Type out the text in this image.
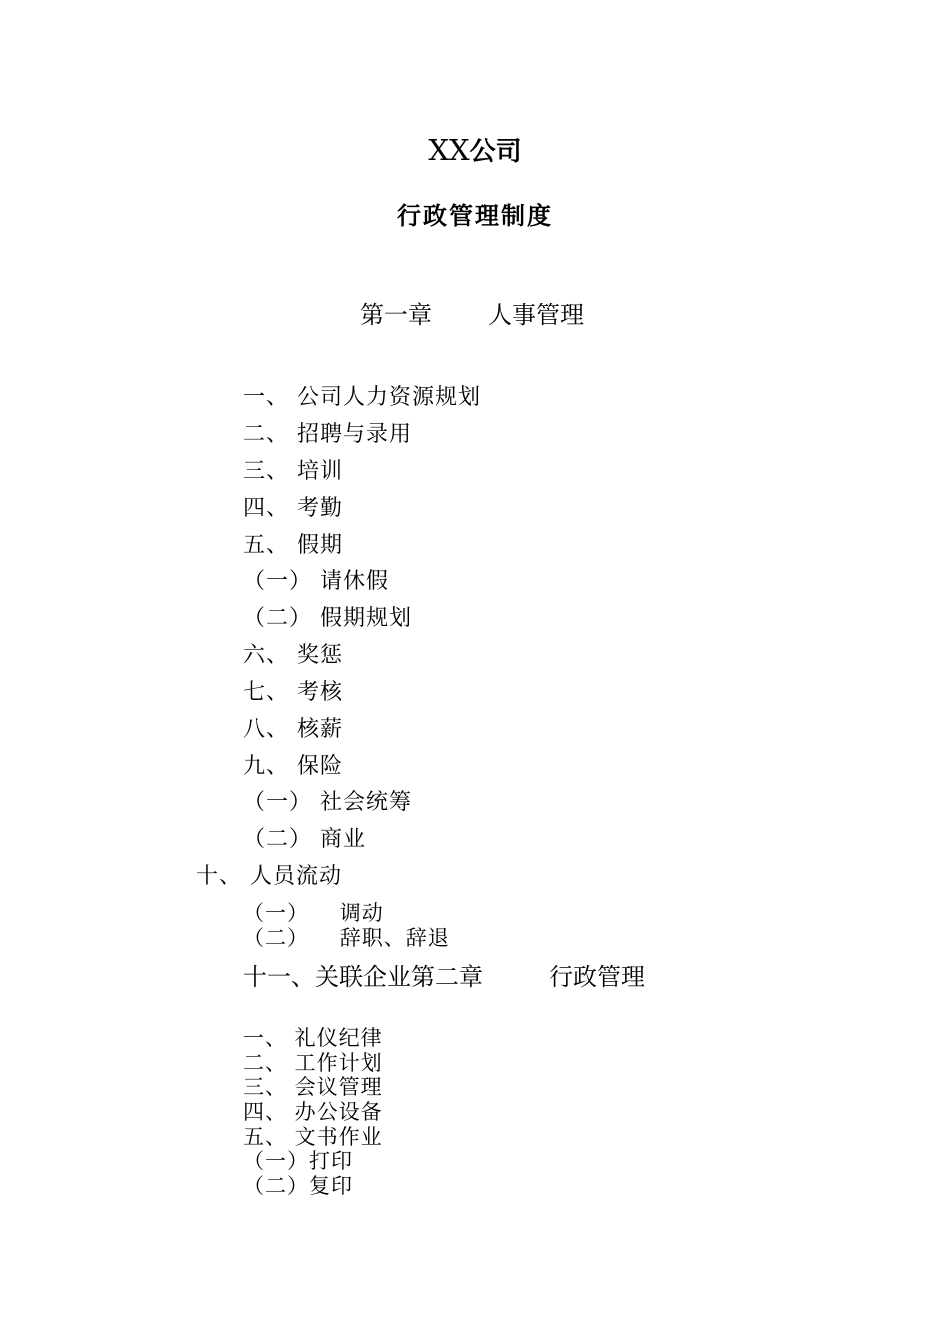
XX公司
行政管理制度
第一章 人事管理
一、 公司人力资源规划
二、 招聘与录用
三、 培训
四、 考勤
五、 假期
（一） 请休假
（二） 假期规划
六、 奖惩
七、 考核
八、 核薪
九、 保险
（一） 社会统筹
（二） 商业
十、 人员流动
（一）    调动
（二）    辞职、辞退
十一、关联企业第二章	行政管理
一、 礼仪纪律
二、 工作计划
三、 会议管理
四、 办公设备
五、 文书作业
（一）打印
（二）复印
